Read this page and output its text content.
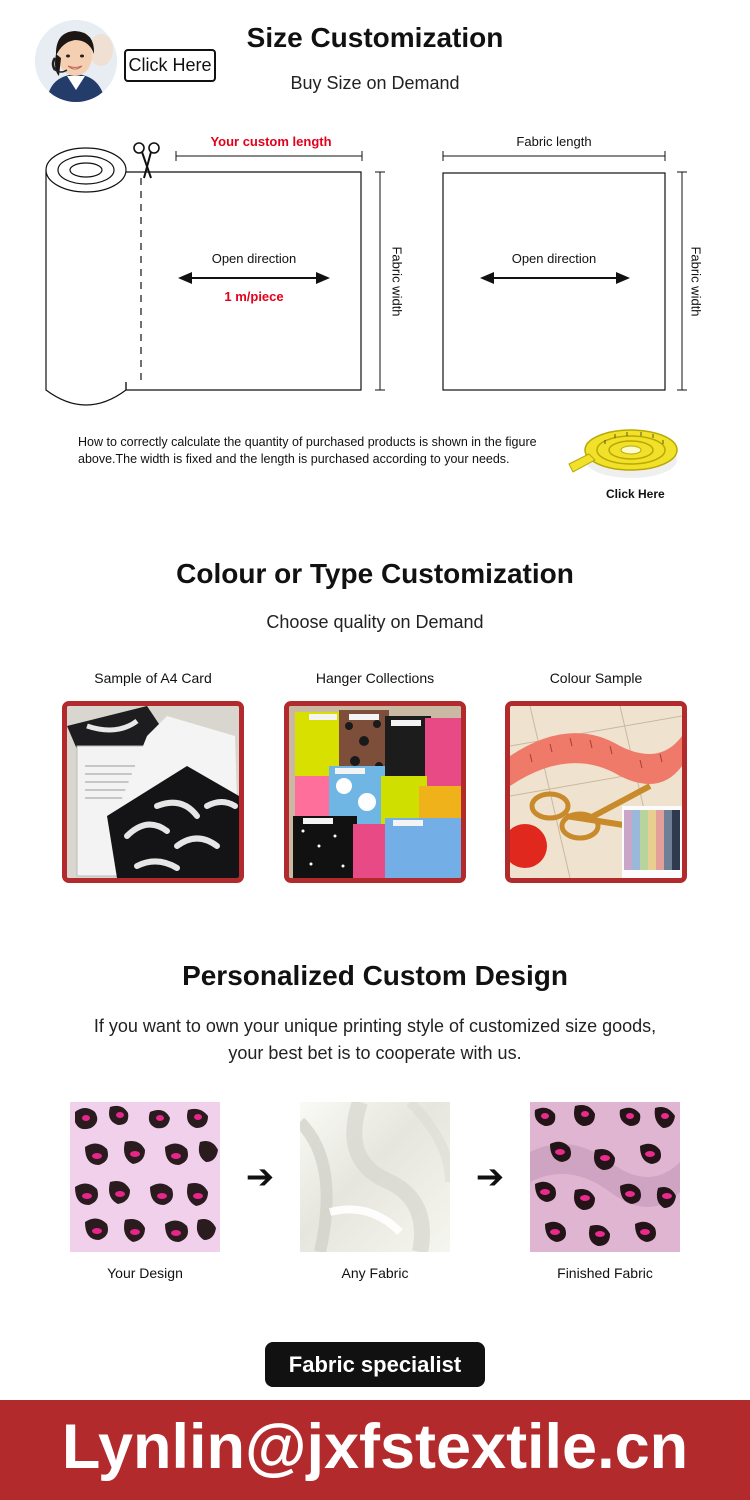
Click Here
Size Customization
Buy Size on Demand
Your custom length	Fabric length
Open direction
1 m/piece
Open direction
Fabric width	Fabric width
How to correctly calculate the quantity of purchased products is shown in the figure
above.The width is fixed and the length is purchased according to your needs.
Click Here
Colour or Type Customization
Choose quality on Demand
Sample of A4 Card	Hanger Collections	Colour Sample
Personalized Custom Design
If you want to own your unique printing style of customized size goods,
your best bet is to cooperate with us.
➔	➔
Your Design	Any Fabric	Finished Fabric
Fabric specialist
Lynlin@jxfstextile.cn
